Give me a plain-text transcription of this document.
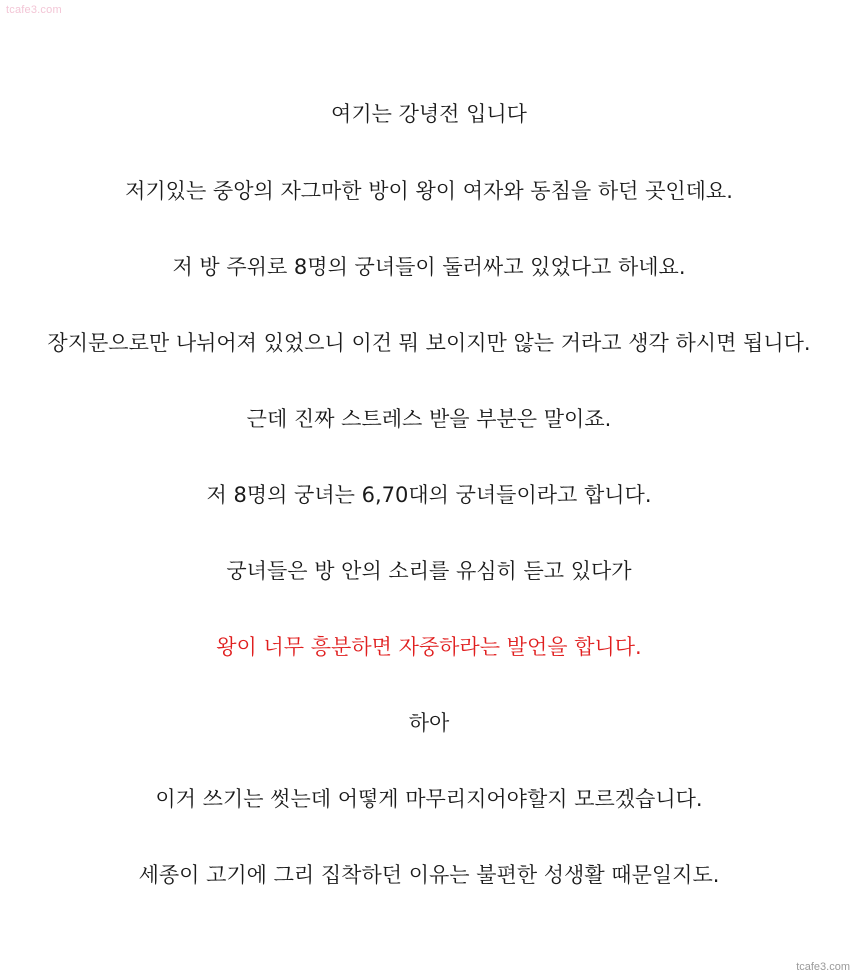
tcafe3.com
여기는 강녕전 입니다
저기있는 중앙의 자그마한 방이 왕이 여자와 동침을 하던 곳인데요.
저 방 주위로 8명의 궁녀들이 둘러싸고 있었다고 하네요.
장지문으로만 나뉘어져 있었으니 이건 뭐 보이지만 않는 거라고 생각 하시면 됩니다.
근데 진짜 스트레스 받을 부분은 말이죠.
저 8명의 궁녀는 6,70대의 궁녀들이라고 합니다.
궁녀들은 방 안의 소리를 유심히 듣고 있다가
왕이 너무 흥분하면 자중하라는 발언을 합니다.
하아
이거 쓰기는 썻는데 어떻게 마무리지어야할지 모르겠습니다.
세종이 고기에 그리 집착하던 이유는 불편한 성생활 때문일지도.
tcafe3.com
